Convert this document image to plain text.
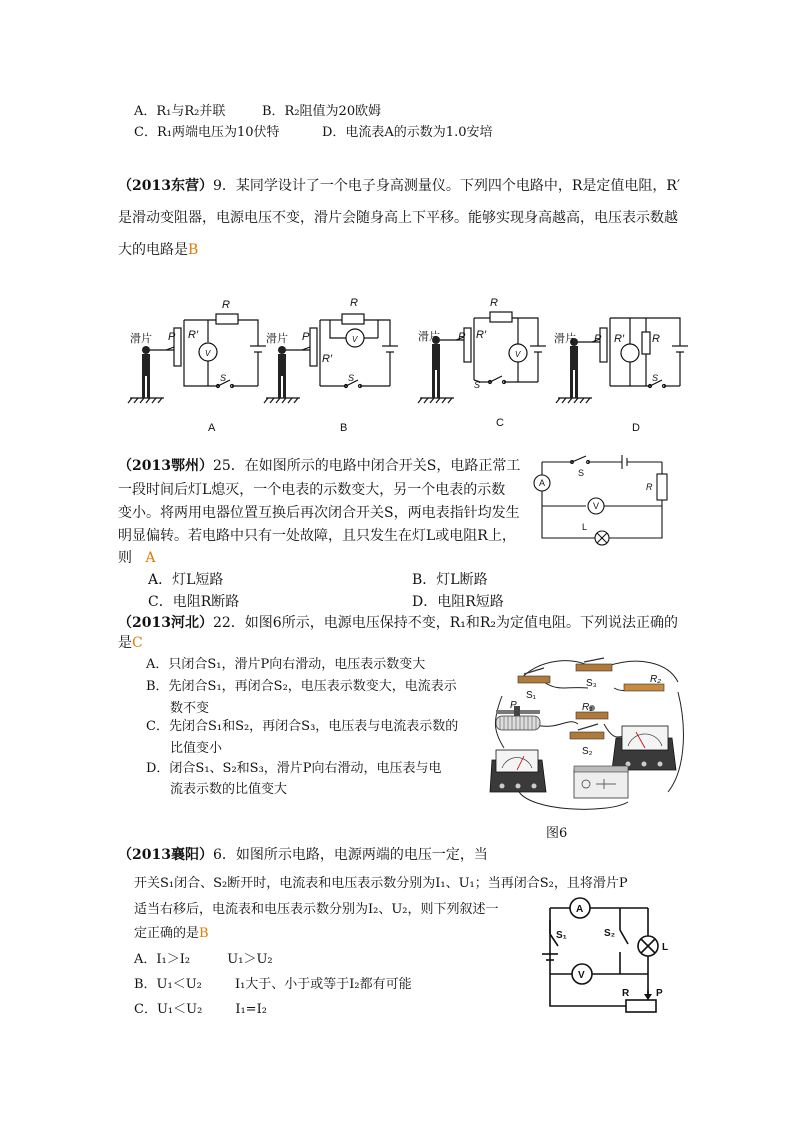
A．R₁与R₂并联	B．R₂阻值为20欧姆
C．R₁两端电压为10伏特	D．电流表A的示数为1.0安培
（2013东营）9．某同学设计了一个电子身高测量仪。下列四个电路中，R是定值电阻，R′
是滑动变阻器，电源电压不变，滑片会随身高上下平移。能够实现身高越高，电压表示数越
大的电路是B
滑片 P R′
R
V
S
A
滑片 P
R′
R
V
S
B
滑片 P R′
R
V
S
C
滑片 P R′	R
S
D
（2013鄂州）25．在如图所示的电路中闭合开关S，电路正常工
一段时间后灯L熄灭，一个电表的示数变大，另一个电表的示数
变小。将两用电器位置互换后再次闭合开关S，两电表指针均发生
明显偏转。若电路中只有一处故障，且只发生在灯L或电阻R上，
则 A
A．灯L短路	B．灯L断路
C．电阻R断路	D．电阻R短路
A
V
S
R
L
（2013河北）22．如图6所示，电源电压保持不变，R₁和R₂为定值电阻。下列说法正确的
是C
A．只闭合S₁，滑片P向右滑动，电压表示数变大
B．先闭合S₁，再闭合S₂，电压表示数变大，电流表示
数不变
C．先闭合S₁和S₂，再闭合S₃，电压表与电流表示数的
比值变小
D．闭合S₁、S₂和S₃，滑片P向右滑动，电压表与电
流表示数的比值变大
S₁
S₃	R₂
R₁
S₂
P
图6
（2013襄阳）6．如图所示电路，电源两端的电压一定，当
开关S₁闭合、S₂断开时，电流表和电压表示数分别为I₁、U₁；当再闭合S₂，且将滑片P
适当右移后，电流表和电压表示数分别为I₂、U₂，则下列叙述一
定正确的是B
A．I₁＞I₂         U₁＞U₂
B．U₁＜U₂        I₁大于、小于或等于I₂都有可能
C．U₁＜U₂        I₁=I₂
A
V
S₁	S₂
L
R	P
